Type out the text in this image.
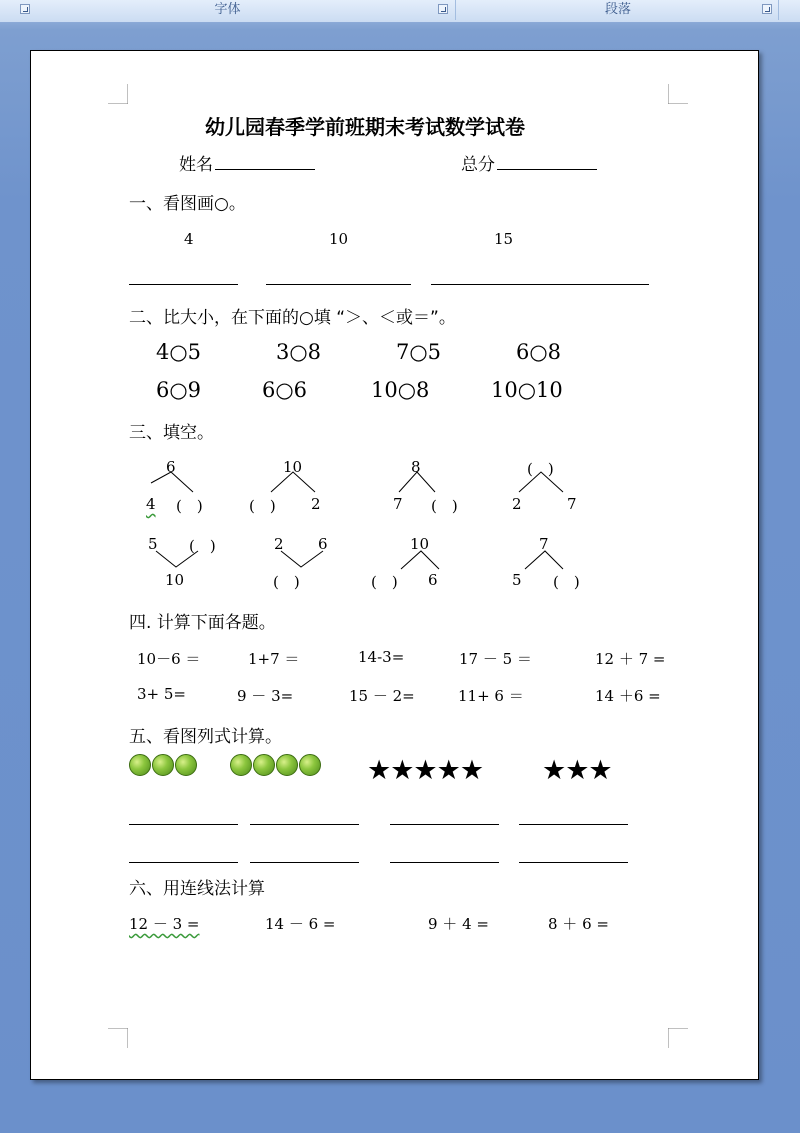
字体	段落
幼儿园春季学前班期末考试数学试卷
姓名	总分
一、看图画○。
4	10	15
二、比大小，在下面的○填 “＞、＜或＝”。
4○5	3○8	7○5	6○8
6○9	6○6	10○8	10○10
三、填空。
6
4 (　)
10
(　) 2
8
7 (　)
(　)
2	7
5 (　)
10
2 6
(　)
10
(　) 6
7
5 (　)
四. 计算下面各题。
10－6 ＝	1+7 ＝	14-3=	17 － 5 ＝	12 ＋ 7 =
3+ 5=	9 － 3=	15 － 2=	11+ 6 ＝	14 ＋6 =
五、看图列式计算。
★★★★★ ★★★
六、用连线法计算
12 － 3 =	14 － 6 =	9 ＋ 4 =	8 ＋ 6 =
